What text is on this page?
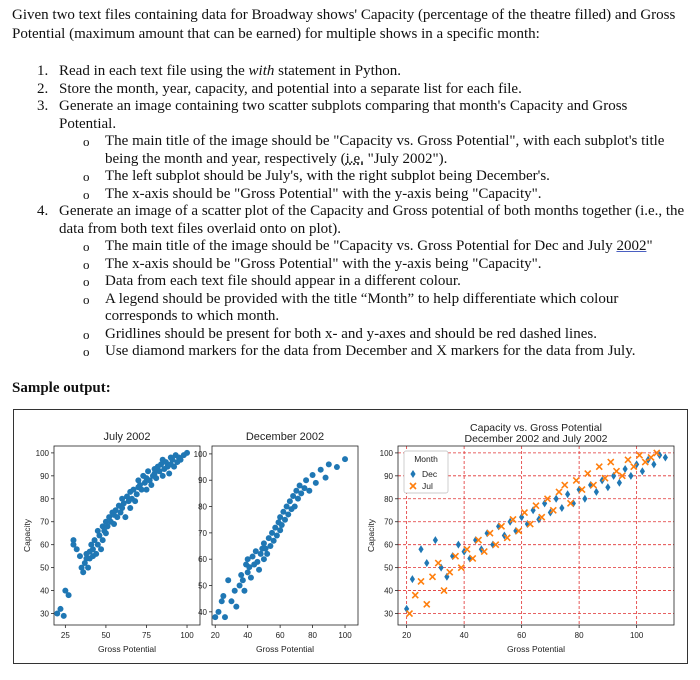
Given two text files containing data for Broadway shows' Capacity (percentage of the theatre filled) and Gross Potential (maximum amount that can be earned) for multiple shows in a specific month:
1. Read in each text file using the with statement in Python.
2. Store the month, year, capacity, and potential into a separate list for each file.
3. Generate an image containing two scatter subplots comparing that month's Capacity and Gross Potential.
o The main title of the image should be "Capacity vs. Gross Potential", with each subplot's title being the month and year, respectively (i.e. "July 2002").
o The left subplot should be July's, with the right subplot being December's.
o The x-axis should be "Gross Potential" with the y-axis being "Capacity".
4. Generate an image of a scatter plot of the Capacity and Gross potential of both months together (i.e., the data from both text files overlaid onto on plot).
o The main title of the image should be "Capacity vs. Gross Potential for Dec and July 2002"
o The x-axis should be "Gross Potential" with the y-axis being "Capacity".
o Data from each text file should appear in a different colour.
o A legend should be provided with the title “Month” to help differentiate which colour corresponds to which month.
o Gridlines should be present for both x- and y-axes and should be red dashed lines.
o Use diamond markers for the data from December and X markers for the data from July.
Sample output:
25	50	75	100
30
40
50
60
70
80
90
100
July 2002
Gross Potential
Capacity
20	40	60	80	100
40
50
60
70
80
90
100
December 2002
Gross Potential
20	40	60	80	100
30
40
50
60
70
80
90
100
Capacity vs. Gross Potential
December 2002 and July 2002
Gross Potential
Capacity
Month
Dec
Jul
